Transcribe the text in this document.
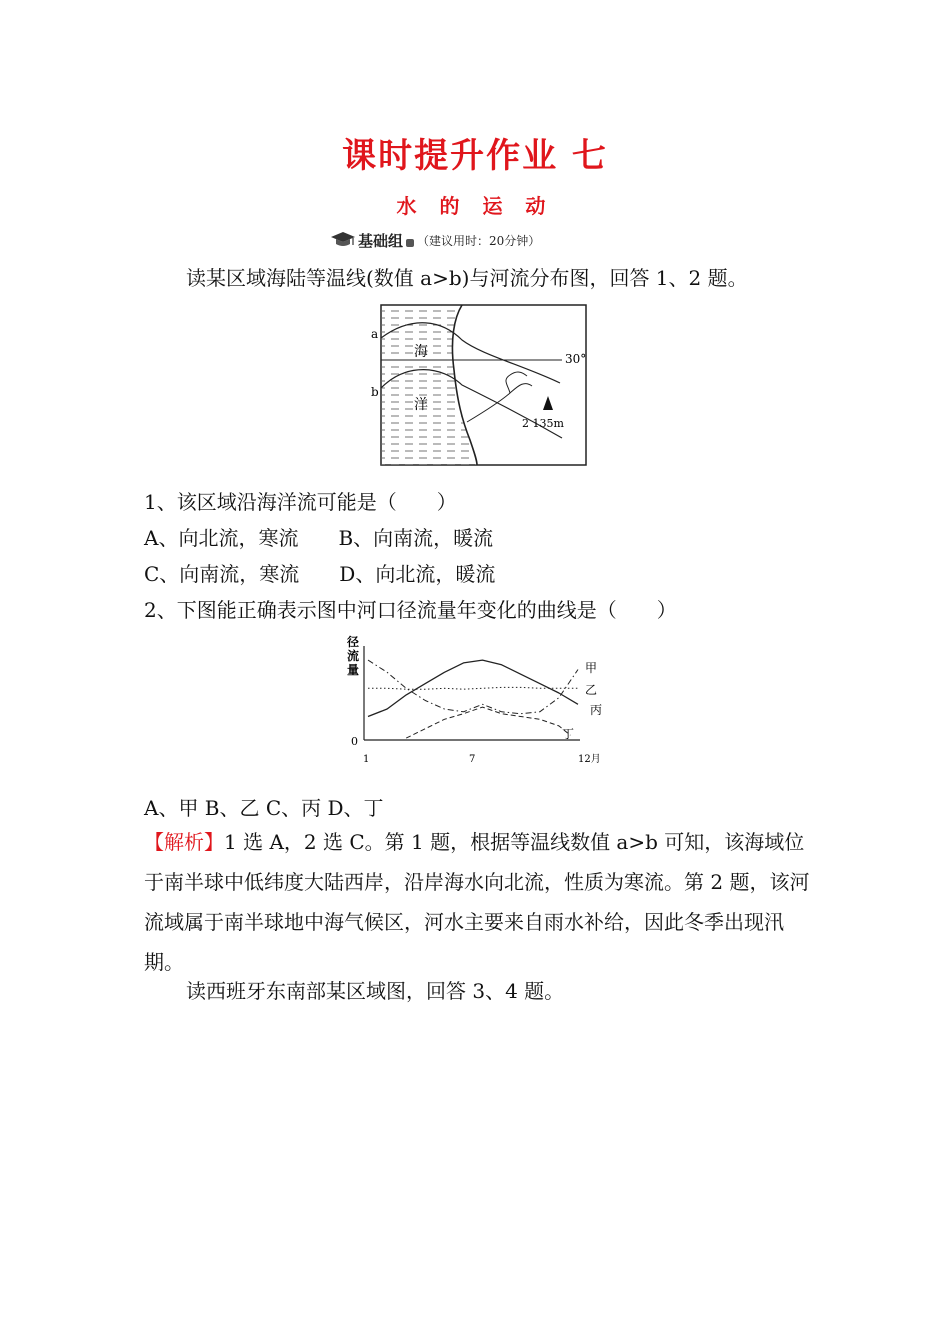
课时提升作业 七
水 的 运 动
基础组 （建议用时：20分钟）
读某区域海陆等温线(数值 a>b)与河流分布图，回答 1、2 题。
a
b
海
洋
30°
2 135m
1、该区域沿海洋流可能是（　　）
A、向北流，寒流　　B、向南流，暖流
C、向南流，寒流　　D、向北流，暖流
2、下图能正确表示图中河口径流量年变化的曲线是（　　）
径
流
量
0
1	7	12月
甲
乙
丙
丁
A、甲 B、乙 C、丙 D、丁
【解析】1 选 A，2 选 C。第 1 题，根据等温线数值 a>b 可知，该海域位于南半球中低纬度大陆西岸，沿岸海水向北流，性质为寒流。第 2 题，该河流域属于南半球地中海气候区，河水主要来自雨水补给，因此冬季出现汛期。
读西班牙东南部某区域图，回答 3、4 题。
